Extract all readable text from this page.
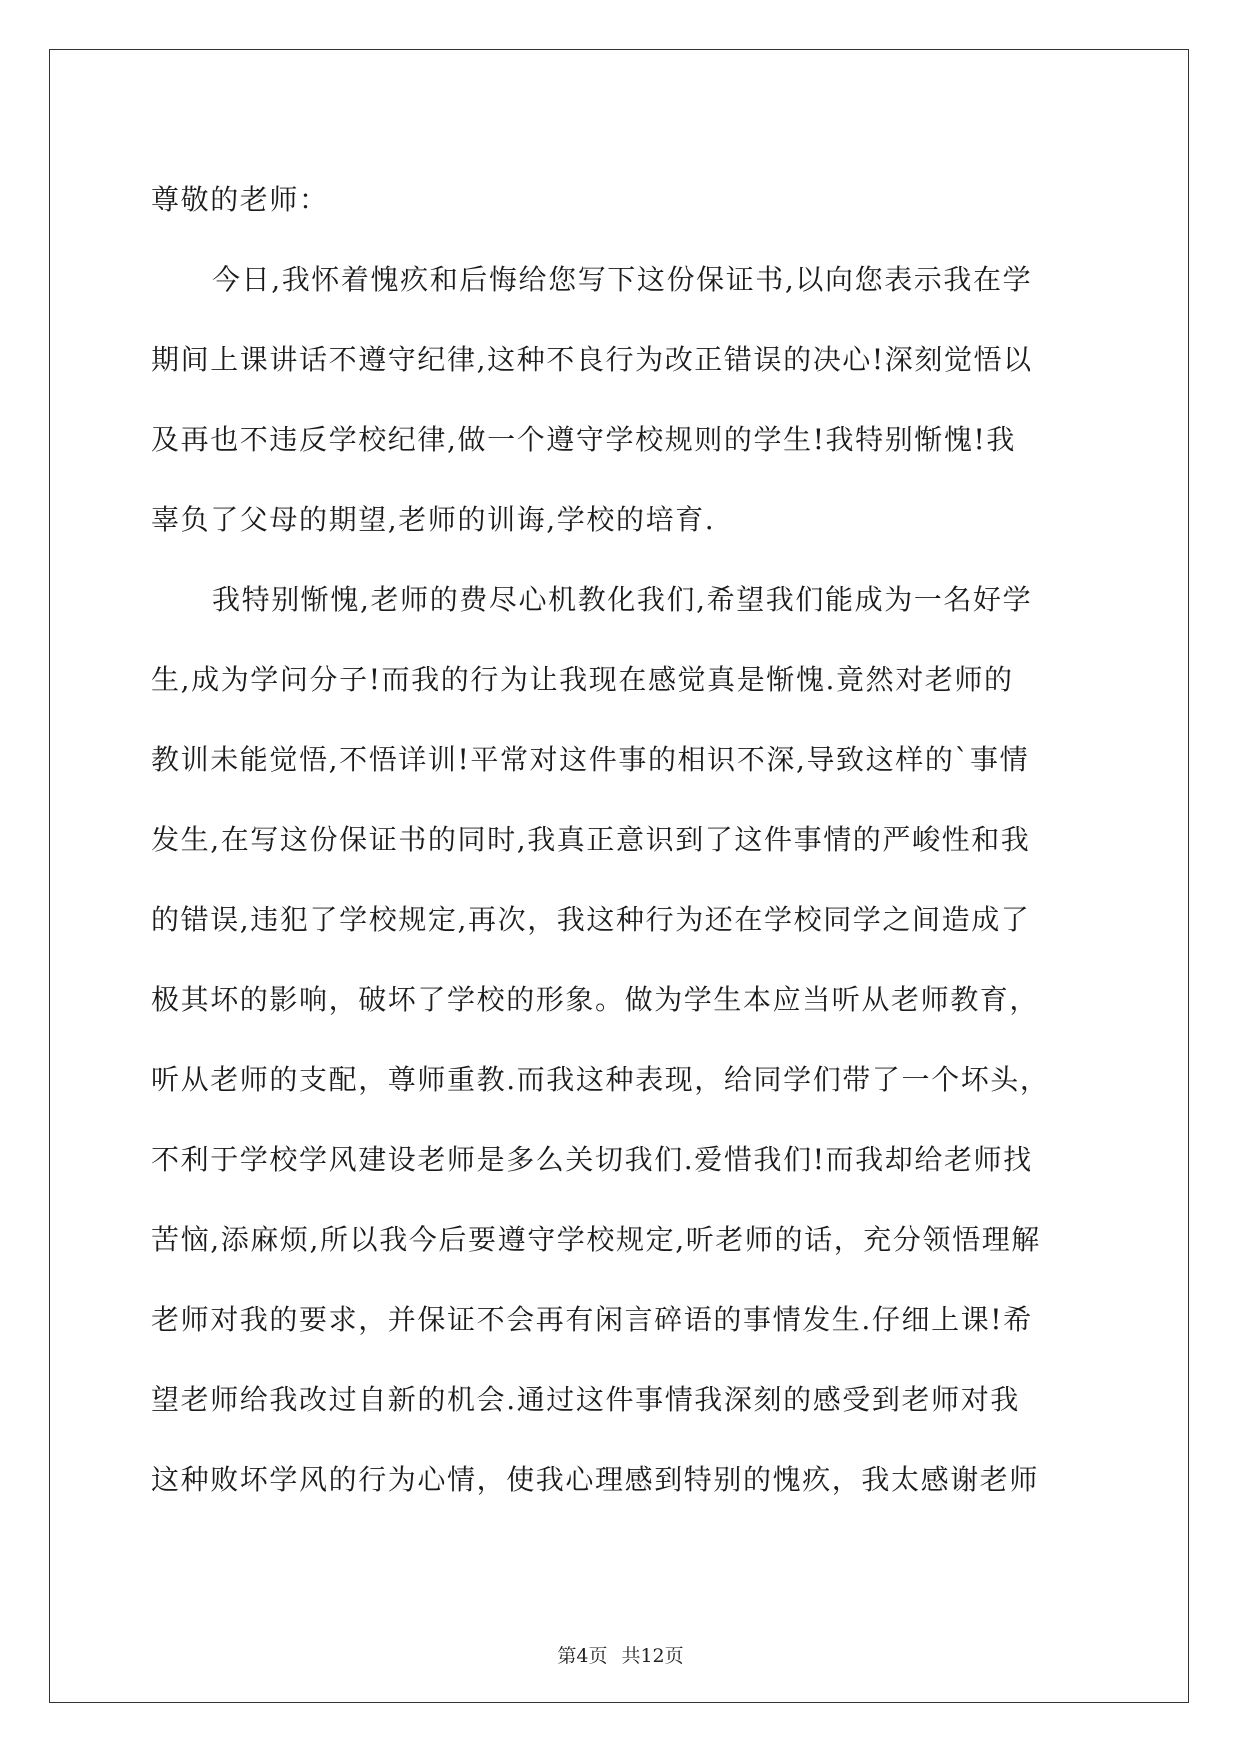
尊敬的老师：
今日,我怀着愧疚和后悔给您写下这份保证书,以向您表示我在学
期间上课讲话不遵守纪律,这种不良行为改正错误的决心!深刻觉悟以
及再也不违反学校纪律,做一个遵守学校规则的学生!我特别惭愧!我
辜负了父母的期望,老师的训诲,学校的培育.
我特别惭愧,老师的费尽心机教化我们,希望我们能成为一名好学
生,成为学问分子!而我的行为让我现在感觉真是惭愧.竟然对老师的
教训未能觉悟,不悟详训!平常对这件事的相识不深,导致这样的`事情
发生,在写这份保证书的同时,我真正意识到了这件事情的严峻性和我
的错误,违犯了学校规定,再次，我这种行为还在学校同学之间造成了
极其坏的影响，破坏了学校的形象。做为学生本应当听从老师教育，
听从老师的支配，尊师重教.而我这种表现，给同学们带了一个坏头，
不利于学校学风建设老师是多么关切我们.爱惜我们!而我却给老师找
苦恼,添麻烦,所以我今后要遵守学校规定,听老师的话，充分领悟理解
老师对我的要求，并保证不会再有闲言碎语的事情发生.仔细上课!希
望老师给我改过自新的机会.通过这件事情我深刻的感受到老师对我
这种败坏学风的行为心情，使我心理感到特别的愧疚，我太感谢老师
第4页 共12页
